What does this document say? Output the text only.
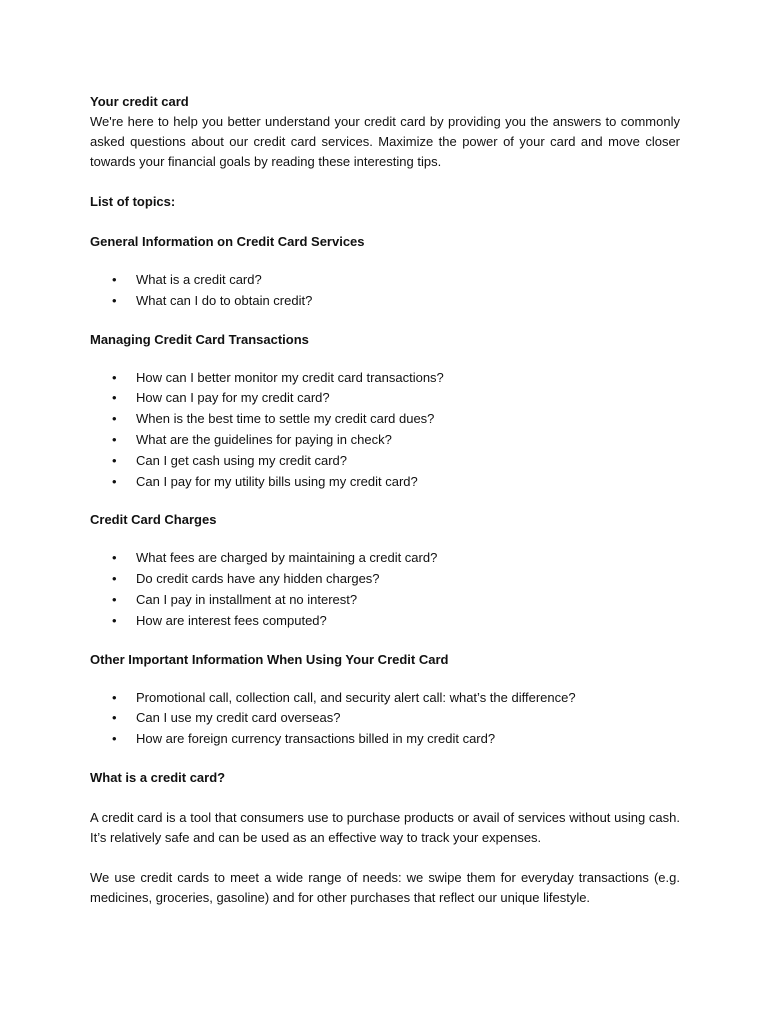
Your credit card

We're here to help you better understand your credit card by providing you the answers to commonly asked questions about our credit card services. Maximize the power of your card and move closer towards your financial goals by reading these interesting tips.

List of topics:

General Information on Credit Card Services

• What is a credit card?
• What can I do to obtain credit?

Managing Credit Card Transactions

• How can I better monitor my credit card transactions?
• How can I pay for my credit card?
• When is the best time to settle my credit card dues?
• What are the guidelines for paying in check?
• Can I get cash using my credit card?
• Can I pay for my utility bills using my credit card?

Credit Card Charges

• What fees are charged by maintaining a credit card?
• Do credit cards have any hidden charges?
• Can I pay in installment at no interest?
• How are interest fees computed?

Other Important Information When Using Your Credit Card

• Promotional call, collection call, and security alert call: what’s the difference?
• Can I use my credit card overseas?
• How are foreign currency transactions billed in my credit card?

What is a credit card?

A credit card is a tool that consumers use to purchase products or avail of services without using cash. It’s relatively safe and can be used as an effective way to track your expenses.

We use credit cards to meet a wide range of needs: we swipe them for everyday transactions (e.g. medicines, groceries, gasoline) and for other purchases that reflect our unique lifestyle.
